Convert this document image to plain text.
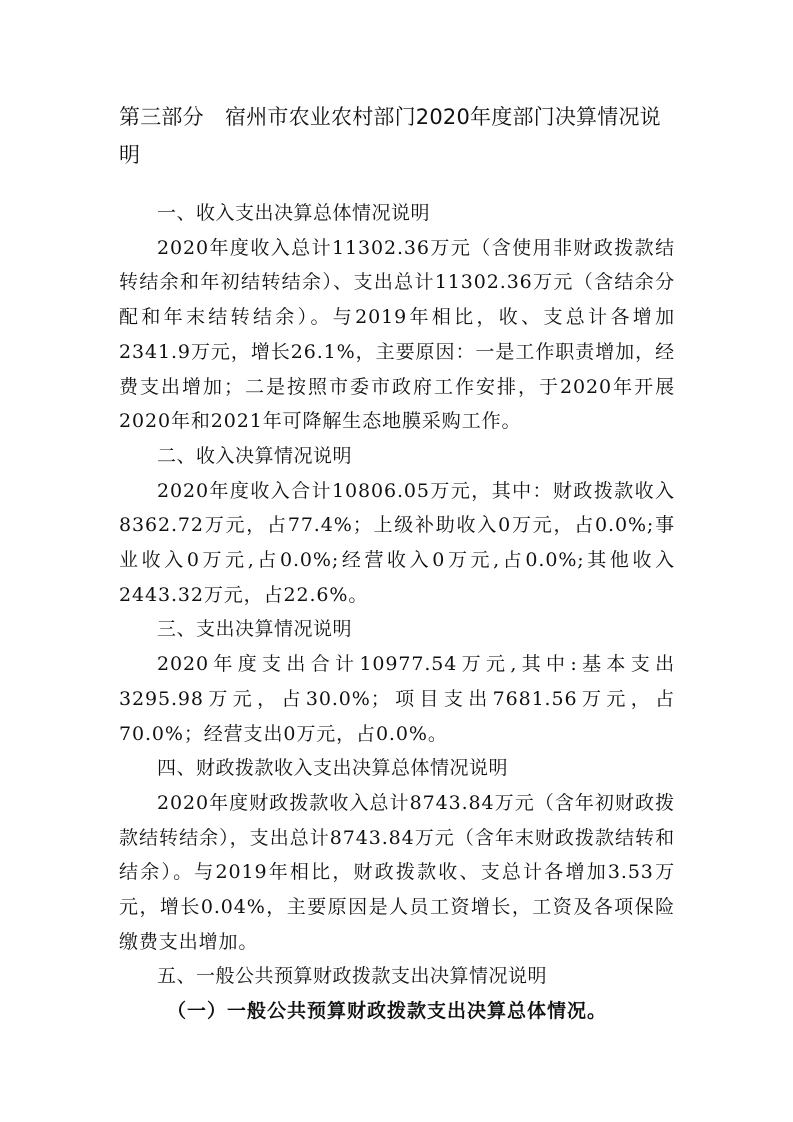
第三部分　宿州市农业农村部门2020年度部门决算情况说明

一、收入支出决算总体情况说明

2020年度收入总计11302.36万元（含使用非财政拨款结转结余和年初结转结余）、支出总计11302.36万元（含结余分配和年末结转结余）。与2019年相比，收、支总计各增加2341.9万元，增长26.1%，主要原因：一是工作职责增加，经费支出增加；二是按照市委市政府工作安排，于2020年开展2020年和2021年可降解生态地膜采购工作。

二、收入决算情况说明

2020年度收入合计10806.05万元，其中：财政拨款收入8362.72万元，占77.4%；上级补助收入0万元，占0.0%;事业收入0万元,占0.0%;经营收入0万元,占0.0%;其他收入2443.32万元，占22.6%。

三、支出决算情况说明

2020年度支出合计10977.54万元,其中:基本支出3295.98万元，占30.0%；项目支出7681.56万元，占70.0%；经营支出0万元，占0.0%。

四、财政拨款收入支出决算总体情况说明

2020年度财政拨款收入总计8743.84万元（含年初财政拨款结转结余），支出总计8743.84万元（含年末财政拨款结转和结余）。与2019年相比，财政拨款收、支总计各增加3.53万元，增长0.04%，主要原因是人员工资增长，工资及各项保险缴费支出增加。

五、一般公共预算财政拨款支出决算情况说明

（一）一般公共预算财政拨款支出决算总体情况。
